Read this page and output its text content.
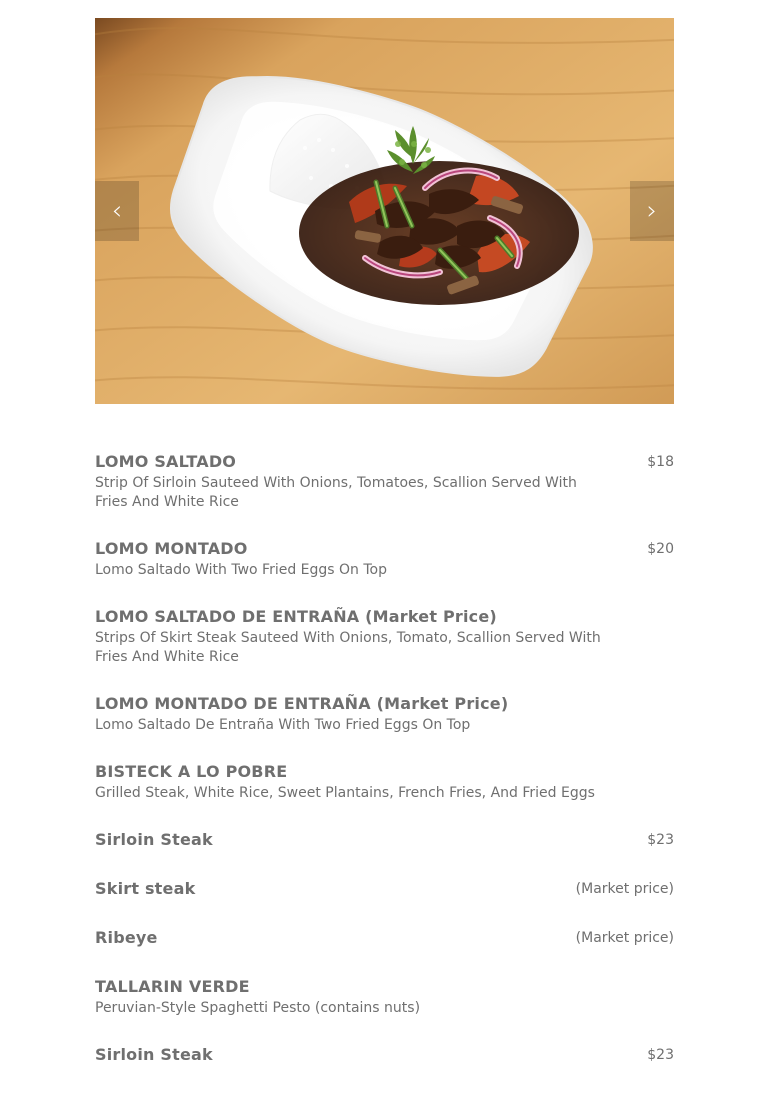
‹	›
LOMO SALTADO
Strip Of Sirloin Sauteed With Onions, Tomatoes, Scallion Served With Fries And White Rice
$18
LOMO MONTADO
Lomo Saltado With Two Fried Eggs On Top
$20
LOMO SALTADO DE ENTRAÑA (Market Price)
Strips Of Skirt Steak Sauteed With Onions, Tomato, Scallion Served With Fries And White Rice
LOMO MONTADO DE ENTRAÑA (Market Price)
Lomo Saltado De Entraña With Two Fried Eggs On Top
BISTECK A LO POBRE
Grilled Steak, White Rice, Sweet Plantains, French Fries, And Fried Eggs
Sirloin Steak	$23
Skirt steak	(Market price)
Ribeye	(Market price)
TALLARIN VERDE
Peruvian-Style Spaghetti Pesto (contains nuts)
Sirloin Steak	$23
